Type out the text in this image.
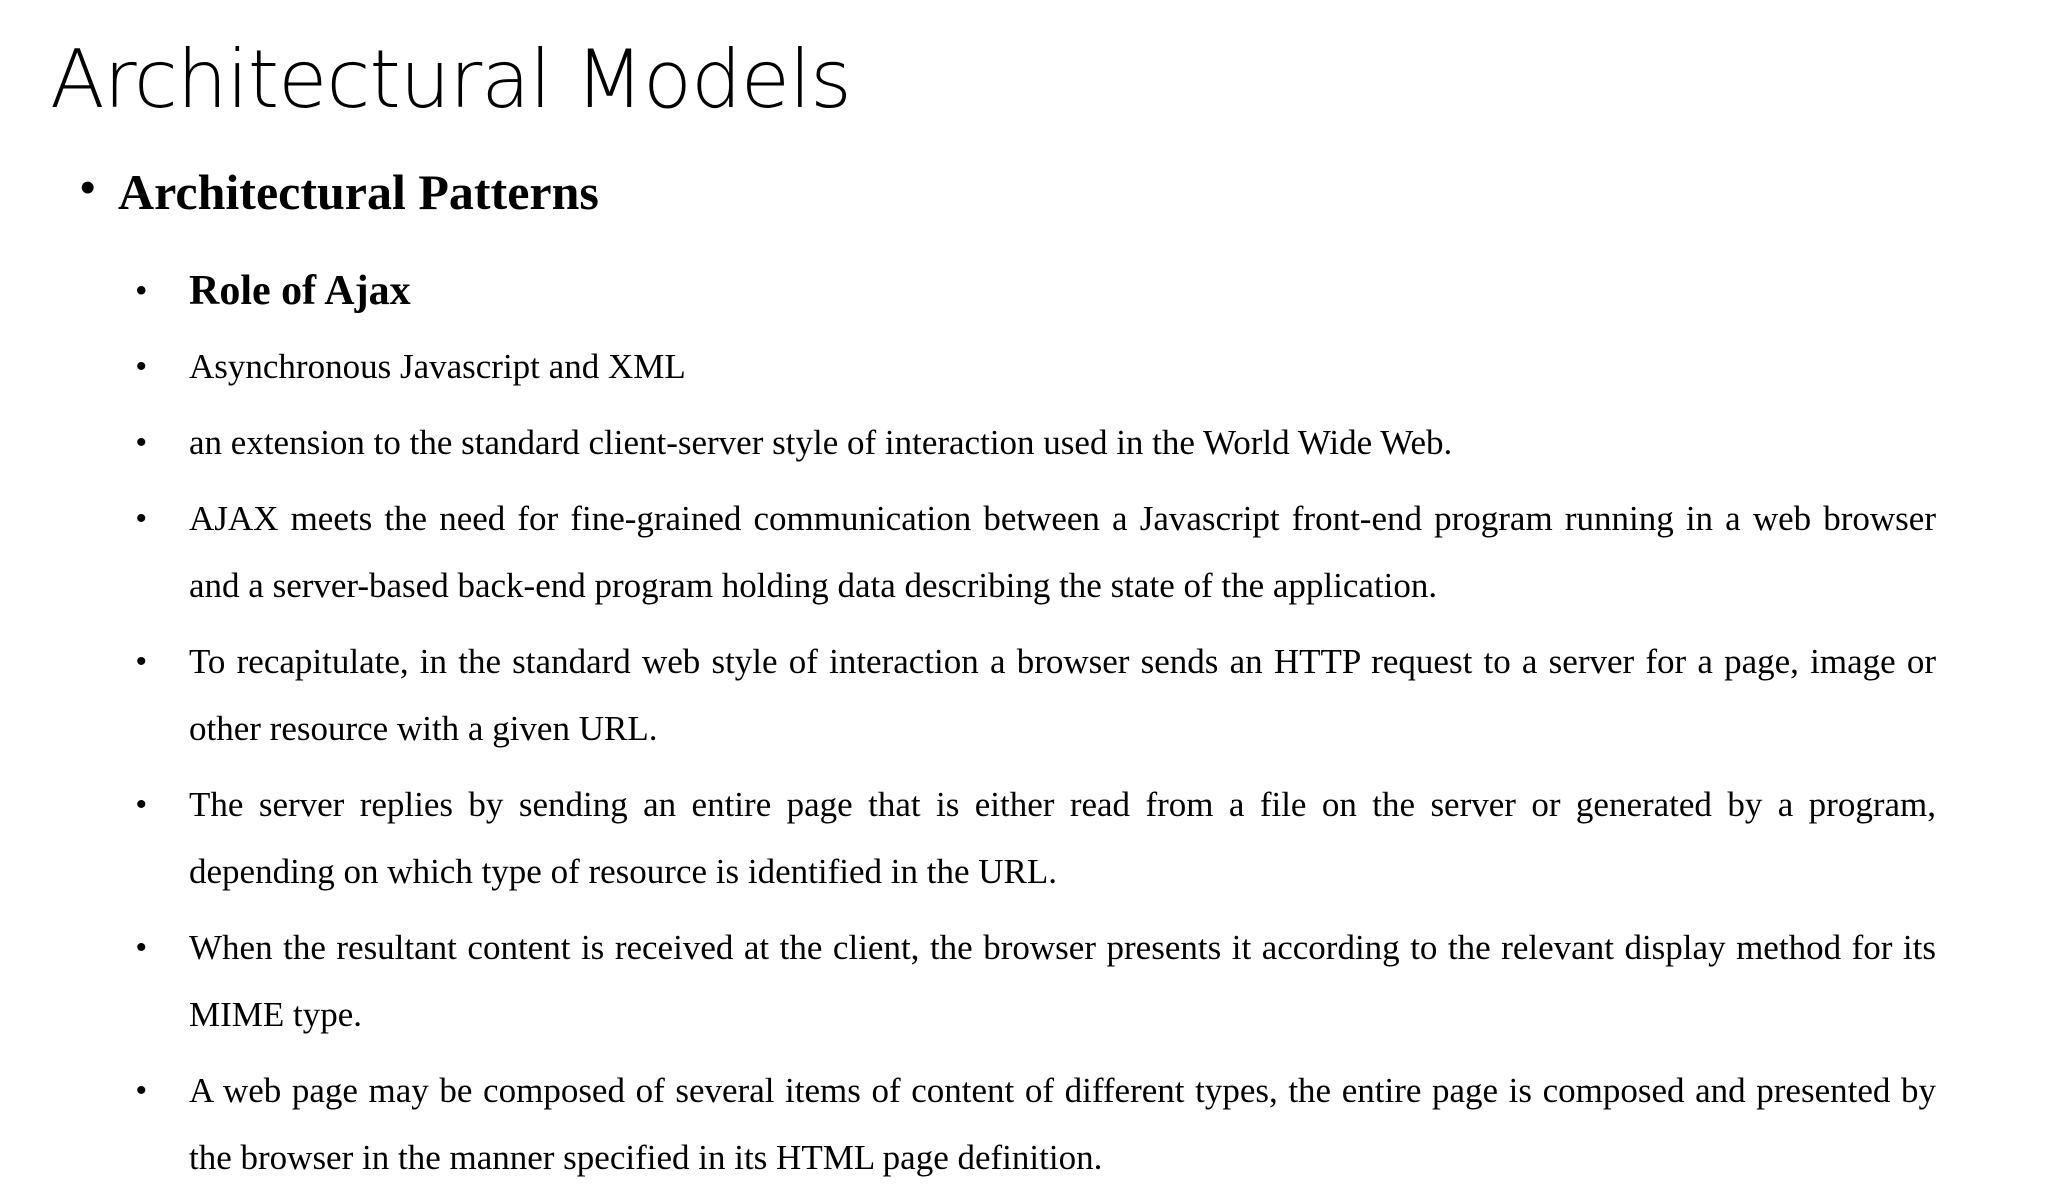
Architectural Models
• Architectural Patterns
• Role of Ajax
• Asynchronous Javascript and XML
• an extension to the standard client-server style of interaction used in the World Wide Web.
• AJAX meets the need for fine-grained communication between a Javascript front-end program running in a web browser and a server-based back-end program holding data describing the state of the application.
• To recapitulate, in the standard web style of interaction a browser sends an HTTP request to a server for a page, image or other resource with a given URL.
• The server replies by sending an entire page that is either read from a file on the server or generated by a program, depending on which type of resource is identified in the URL.
• When the resultant content is received at the client, the browser presents it according to the relevant display method for its MIME type.
• A web page may be composed of several items of content of different types, the entire page is composed and presented by the browser in the manner specified in its HTML page definition.
